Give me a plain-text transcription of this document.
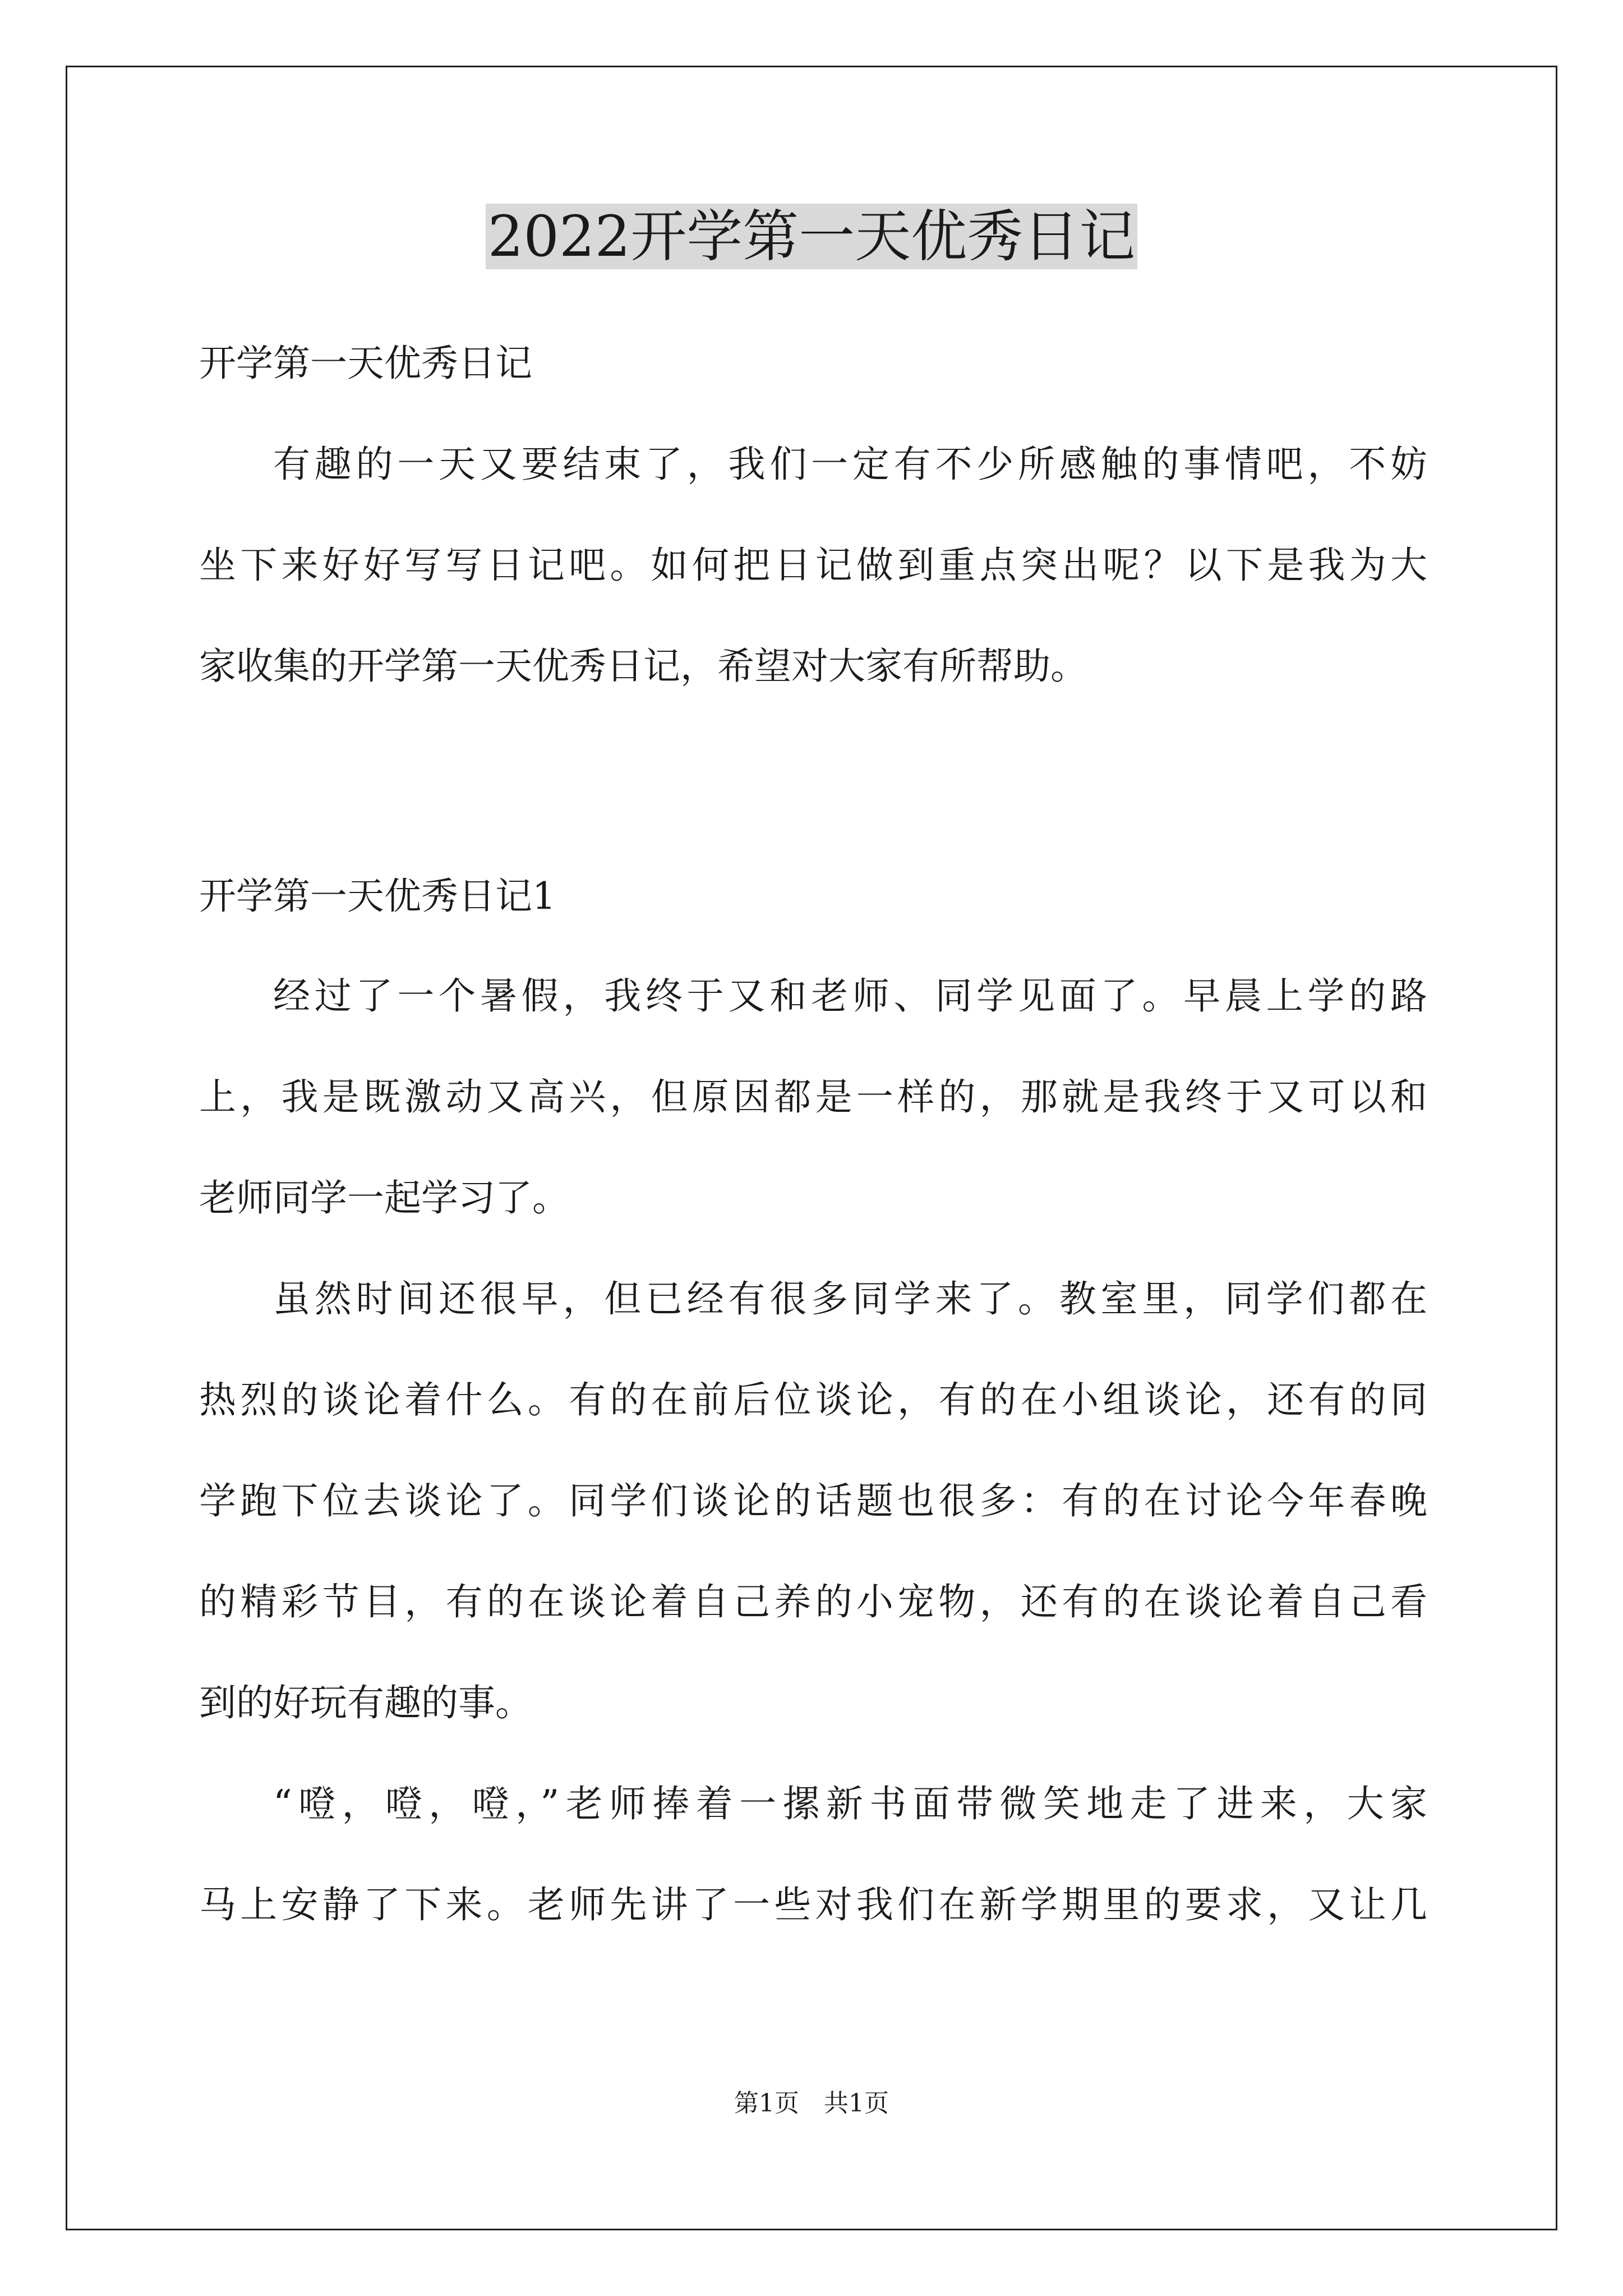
2022开学第一天优秀日记
开学第一天优秀日记
有趣的一天又要结束了，我们一定有不少所感触的事情吧，不妨
坐下来好好写写日记吧。如何把日记做到重点突出呢？以下是我为大
家收集的开学第一天优秀日记，希望对大家有所帮助。
开学第一天优秀日记1
经过了一个暑假，我终于又和老师、同学见面了。早晨上学的路
上，我是既激动又高兴，但原因都是一样的，那就是我终于又可以和
老师同学一起学习了。
虽然时间还很早，但已经有很多同学来了。教室里，同学们都在
热烈的谈论着什么。有的在前后位谈论，有的在小组谈论，还有的同
学跑下位去谈论了。同学们谈论的话题也很多：有的在讨论今年春晚
的精彩节目，有的在谈论着自己养的小宠物，还有的在谈论着自己看
到的好玩有趣的事。
“噔，噔，噔，”老师捧着一摞新书面带微笑地走了进来，大家
马上安静了下来。老师先讲了一些对我们在新学期里的要求，又让几
第1页 共1页
